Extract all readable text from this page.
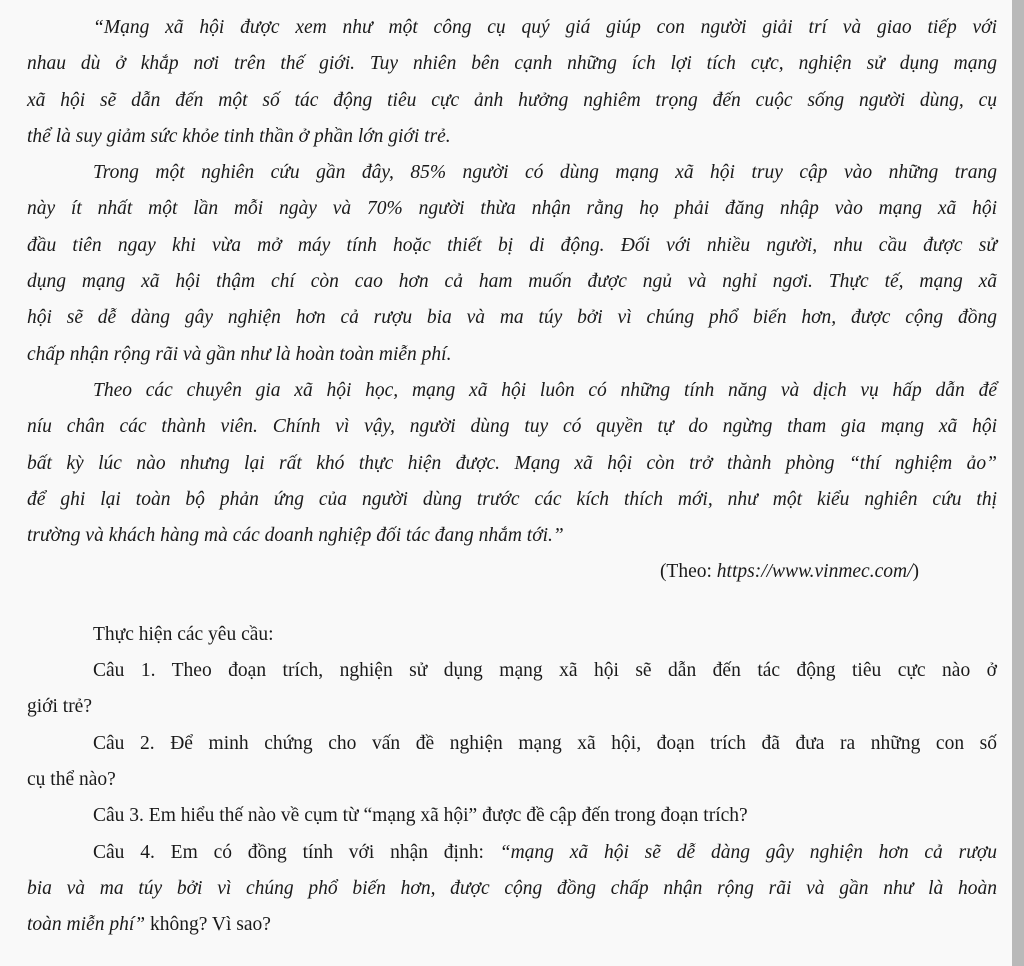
“Mạng xã hội được xem như một công cụ quý giá giúp con người giải trí và giao tiếp với
nhau dù ở khắp nơi trên thế giới. Tuy nhiên bên cạnh những ích lợi tích cực, nghiện sử dụng mạng
xã hội sẽ dẫn đến một số tác động tiêu cực ảnh hưởng nghiêm trọng đến cuộc sống người dùng, cụ
thể là suy giảm sức khỏe tinh thần ở phần lớn giới trẻ.
Trong một nghiên cứu gần đây, 85% người có dùng mạng xã hội truy cập vào những trang
này ít nhất một lần mỗi ngày và 70% người thừa nhận rằng họ phải đăng nhập vào mạng xã hội
đầu tiên ngay khi vừa mở máy tính hoặc thiết bị di động. Đối với nhiều người, nhu cầu được sử
dụng mạng xã hội thậm chí còn cao hơn cả ham muốn được ngủ và nghỉ ngơi. Thực tế, mạng xã
hội sẽ dễ dàng gây nghiện hơn cả rượu bia và ma túy bởi vì chúng phổ biến hơn, được cộng đồng
chấp nhận rộng rãi và gần như là hoàn toàn miễn phí.
Theo các chuyên gia xã hội học, mạng xã hội luôn có những tính năng và dịch vụ hấp dẫn để
níu chân các thành viên. Chính vì vậy, người dùng tuy có quyền tự do ngừng tham gia mạng xã hội
bất kỳ lúc nào nhưng lại rất khó thực hiện được. Mạng xã hội còn trở thành phòng “thí nghiệm ảo”
để ghi lại toàn bộ phản ứng của người dùng trước các kích thích mới, như một kiểu nghiên cứu thị
trường và khách hàng mà các doanh nghiệp đối tác đang nhắm tới.”
(Theo: https://www.vinmec.com/)
Thực hiện các yêu cầu:
Câu 1. Theo đoạn trích, nghiện sử dụng mạng xã hội sẽ dẫn đến tác động tiêu cực nào ở
giới trẻ?
Câu 2. Để minh chứng cho vấn đề nghiện mạng xã hội, đoạn trích đã đưa ra những con số
cụ thể nào?
Câu 3. Em hiểu thế nào về cụm từ “mạng xã hội” được đề cập đến trong đoạn trích?
Câu 4. Em có đồng tính với nhận định: “mạng xã hội sẽ dễ dàng gây nghiện hơn cả rượu
bia và ma túy bởi vì chúng phổ biến hơn, được cộng đồng chấp nhận rộng rãi và gần như là hoàn
toàn miễn phí” không? Vì sao?
